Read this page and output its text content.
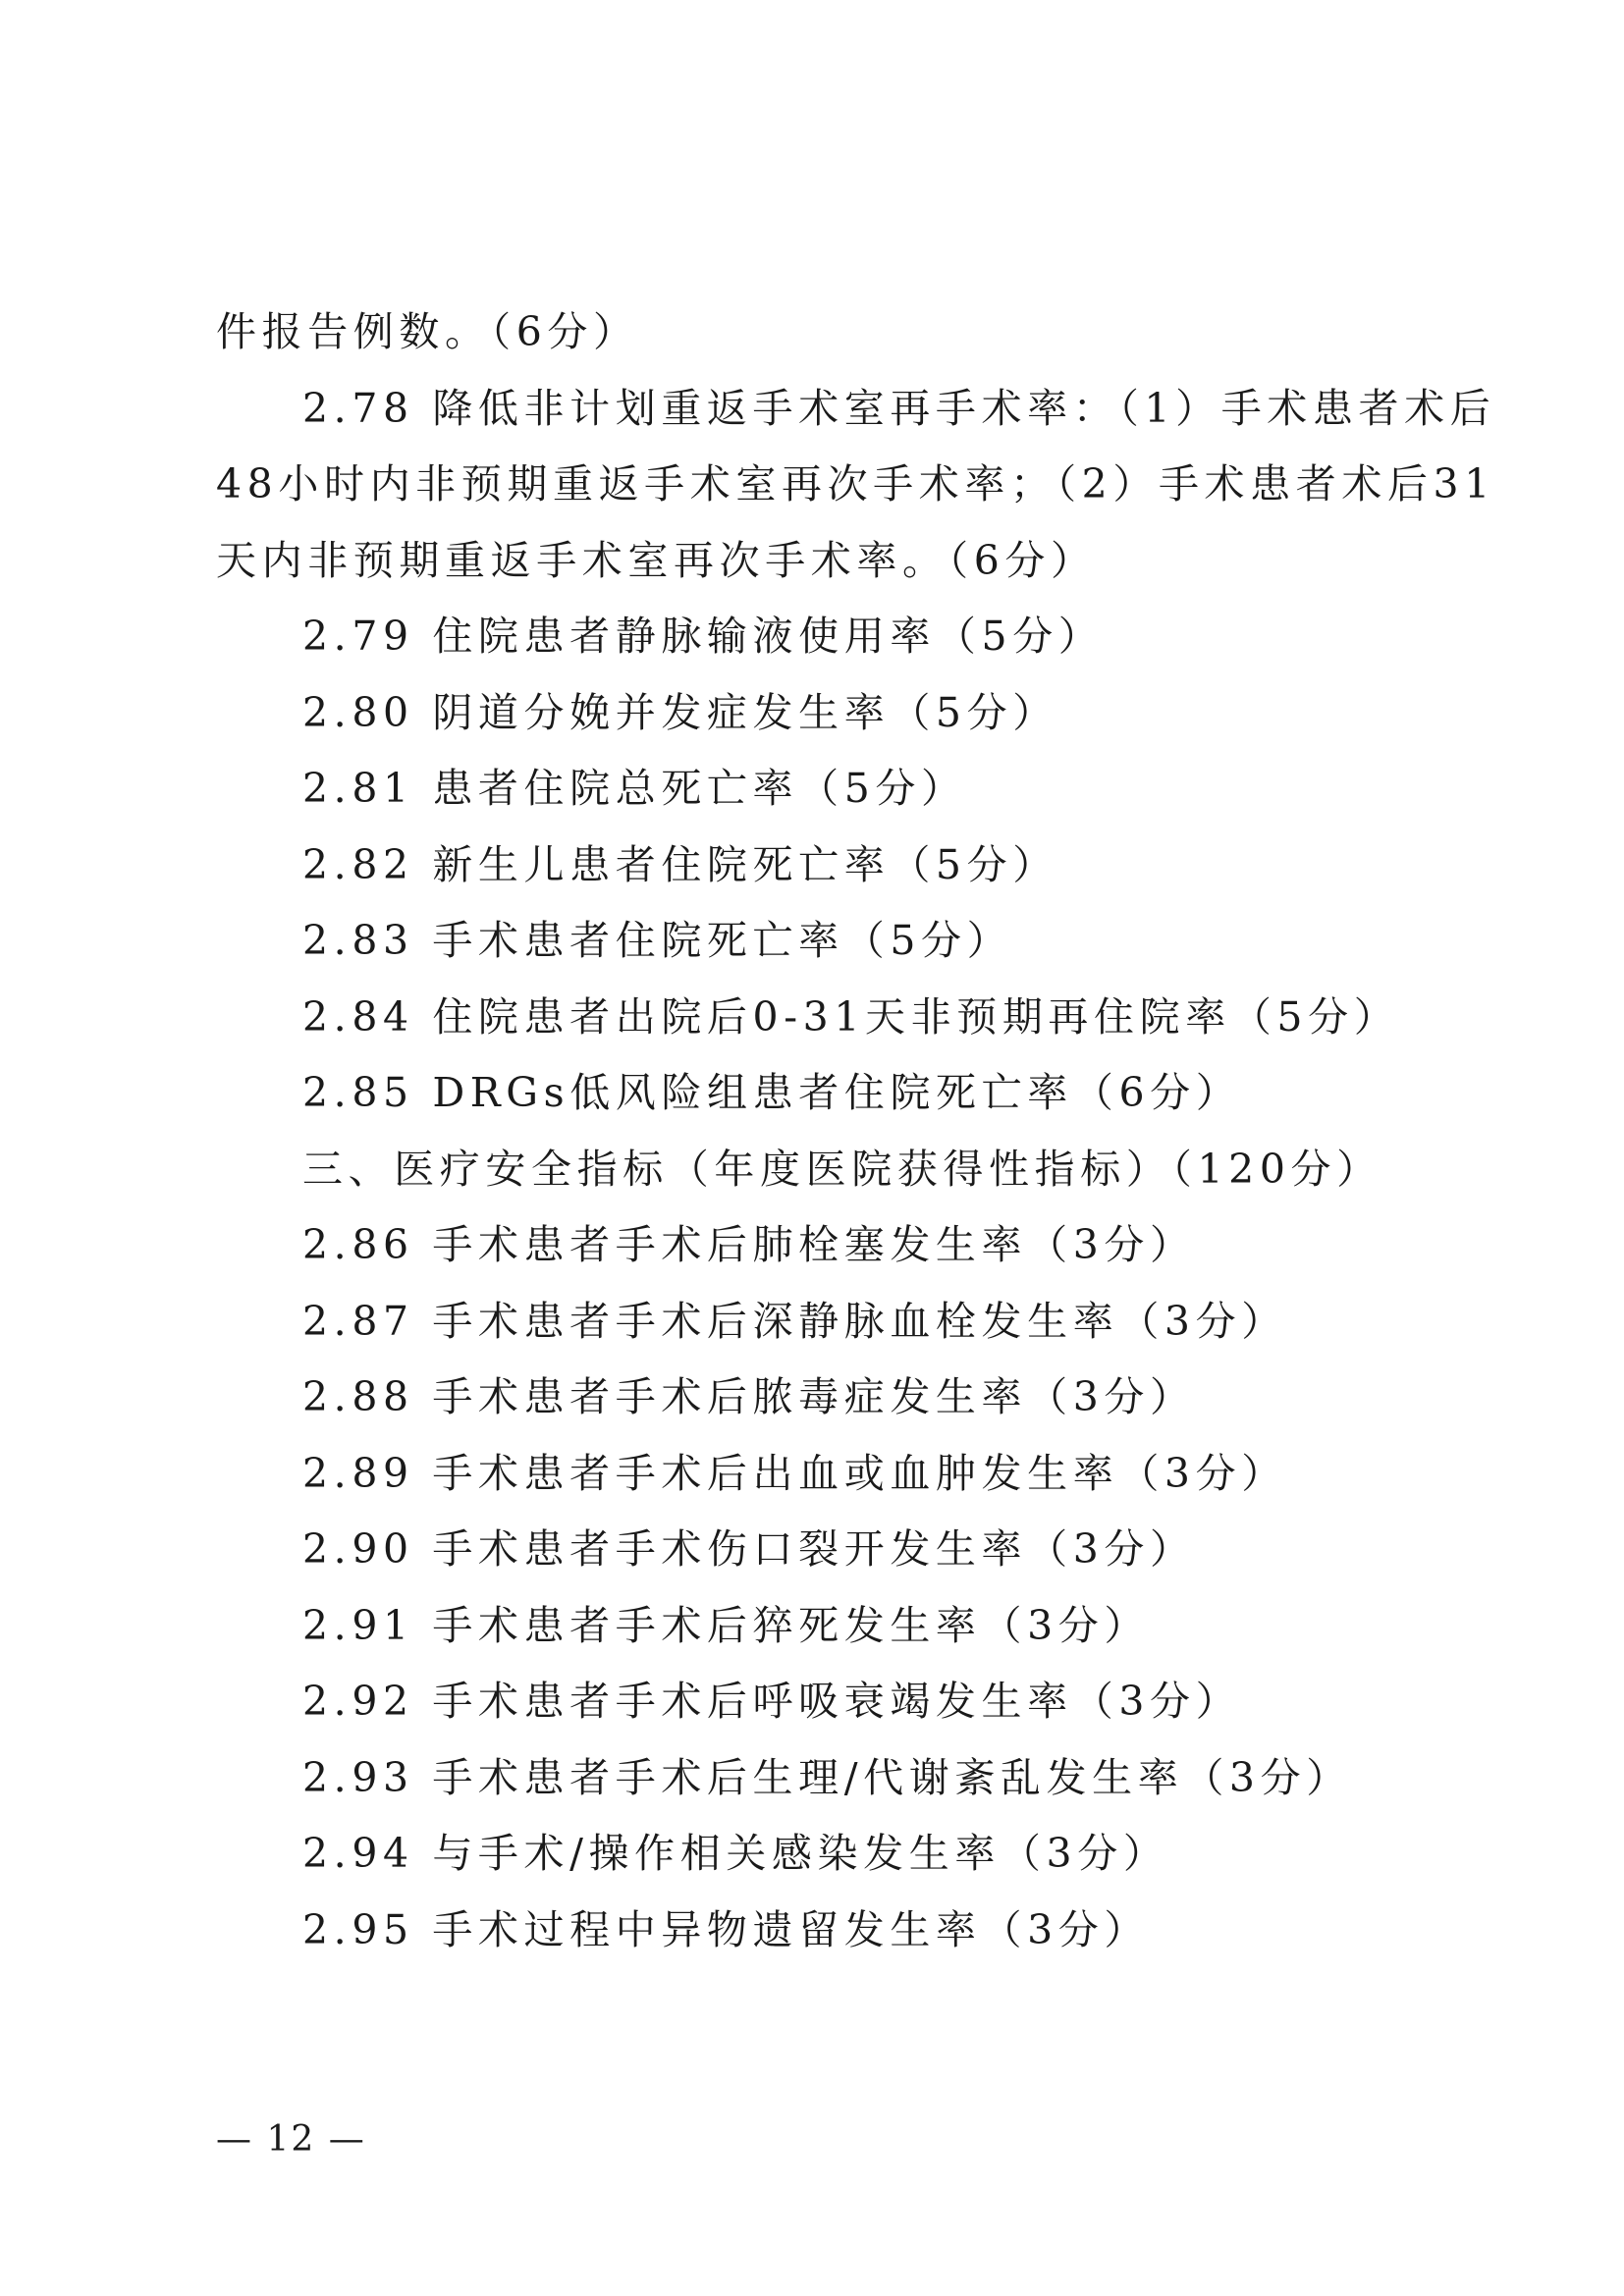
件报告例数。（6分）
2.78 降低非计划重返手术室再手术率：（1）手术患者术后
48小时内非预期重返手术室再次手术率；（2）手术患者术后31
天内非预期重返手术室再次手术率。（6分）
2.79 住院患者静脉输液使用率（5分）
2.80 阴道分娩并发症发生率（5分）
2.81 患者住院总死亡率（5分）
2.82 新生儿患者住院死亡率（5分）
2.83 手术患者住院死亡率（5分）
2.84 住院患者出院后0-31天非预期再住院率（5分）
2.85 DRGs低风险组患者住院死亡率（6分）
三、医疗安全指标（年度医院获得性指标）（120分）
2.86 手术患者手术后肺栓塞发生率（3分）
2.87 手术患者手术后深静脉血栓发生率（3分）
2.88 手术患者手术后脓毒症发生率（3分）
2.89 手术患者手术后出血或血肿发生率（3分）
2.90 手术患者手术伤口裂开发生率（3分）
2.91 手术患者手术后猝死发生率（3分）
2.92 手术患者手术后呼吸衰竭发生率（3分）
2.93 手术患者手术后生理/代谢紊乱发生率（3分）
2.94 与手术/操作相关感染发生率（3分）
2.95 手术过程中异物遗留发生率（3分）
— 12 —
